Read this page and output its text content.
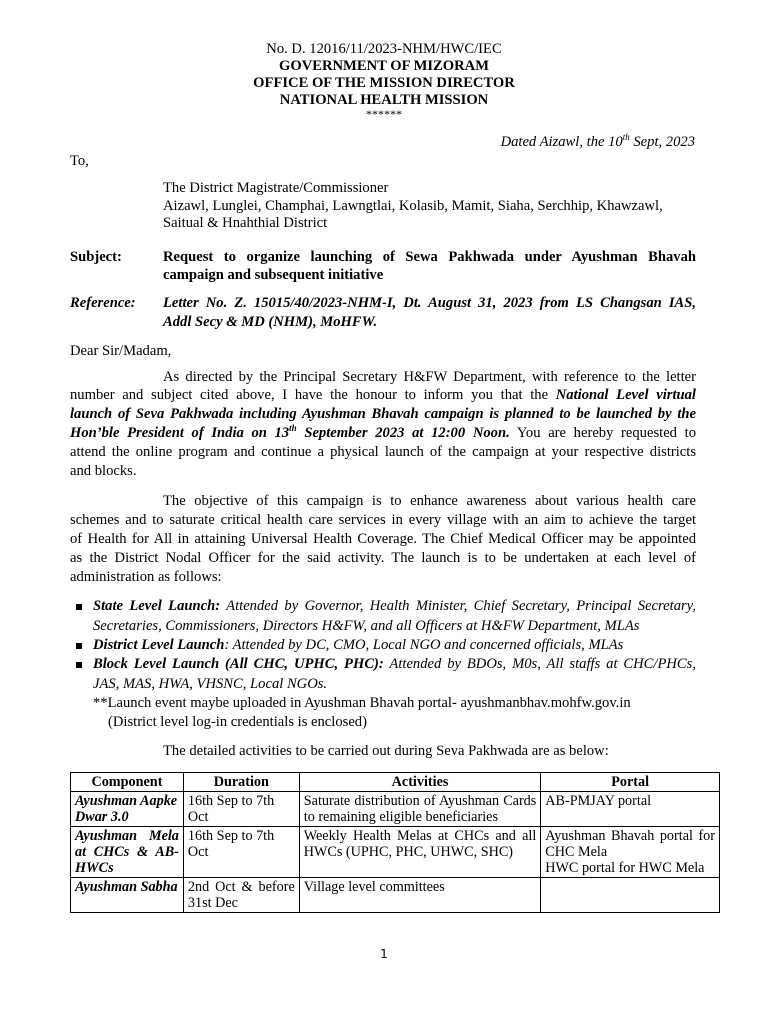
No. D. 12016/11/2023-NHM/HWC/IEC
GOVERNMENT OF MIZORAM
OFFICE OF THE MISSION DIRECTOR
NATIONAL HEALTH MISSION
******
Dated Aizawl, the 10th Sept, 2023
To,
The District Magistrate/Commissioner
Aizawl, Lunglei, Champhai, Lawngtlai, Kolasib, Mamit, Siaha, Serchhip, Khawzawl,
Saitual & Hnahthial District
Subject:	Request to organize launching of Sewa Pakhwada under Ayushman Bhavah
campaign and subsequent initiative
Reference: Letter No. Z. 15015/40/2023-NHM-I, Dt. August 31, 2023 from LS Changsan IAS,
Addl Secy & MD (NHM), MoHFW.
Dear Sir/Madam,
As directed by the Principal Secretary H&FW Department, with reference to the letter
number and subject cited above, I have the honour to inform you that the National Level virtual
launch of Seva Pakhwada including Ayushman Bhavah campaign is planned to be launched by the
Hon’ble President of India on 13th September 2023 at 12:00 Noon. You are hereby requested to
attend the online program and continue a physical launch of the campaign at your respective districts
and blocks.
The objective of this campaign is to enhance awareness about various health care
schemes and to saturate critical health care services in every village with an aim to achieve the target
of Health for All in attaining Universal Health Coverage. The Chief Medical Officer may be appointed
as the District Nodal Officer for the said activity. The launch is to be undertaken at each level of
administration as follows:
State Level Launch: Attended by Governor, Health Minister, Chief Secretary, Principal Secretary,
Secretaries, Commissioners, Directors H&FW, and all Officers at H&FW Department, MLAs
District Level Launch: Attended by DC, CMO, Local NGO and concerned officials, MLAs
Block Level Launch (All CHC, UPHC, PHC): Attended by BDOs, M0s, All staffs at CHC/PHCs,
JAS, MAS, HWA, VHSNC, Local NGOs.
**Launch event maybe uploaded in Ayushman Bhavah portal- ayushmanbhav.mohfw.gov.in
(District level log-in credentials is enclosed)
The detailed activities to be carried out during Seva Pakhwada are as below:
Component	Duration	Activities	Portal
Ayushman Aapke Dwar 3.0	16th Sep to 7th Oct	Saturate distribution of Ayushman Cards to remaining eligible beneficiaries	AB-PMJAY portal
Ayushman Mela at CHCs & AB-HWCs	16th Sep to 7th Oct	Weekly Health Melas at CHCs and all HWCs (UPHC, PHC, UHWC, SHC)	Ayushman Bhavah portal for CHC Mela
HWC portal for HWC Mela

Ayushman Sabha	2nd Oct & before 31st Dec	Village level committees	
1
